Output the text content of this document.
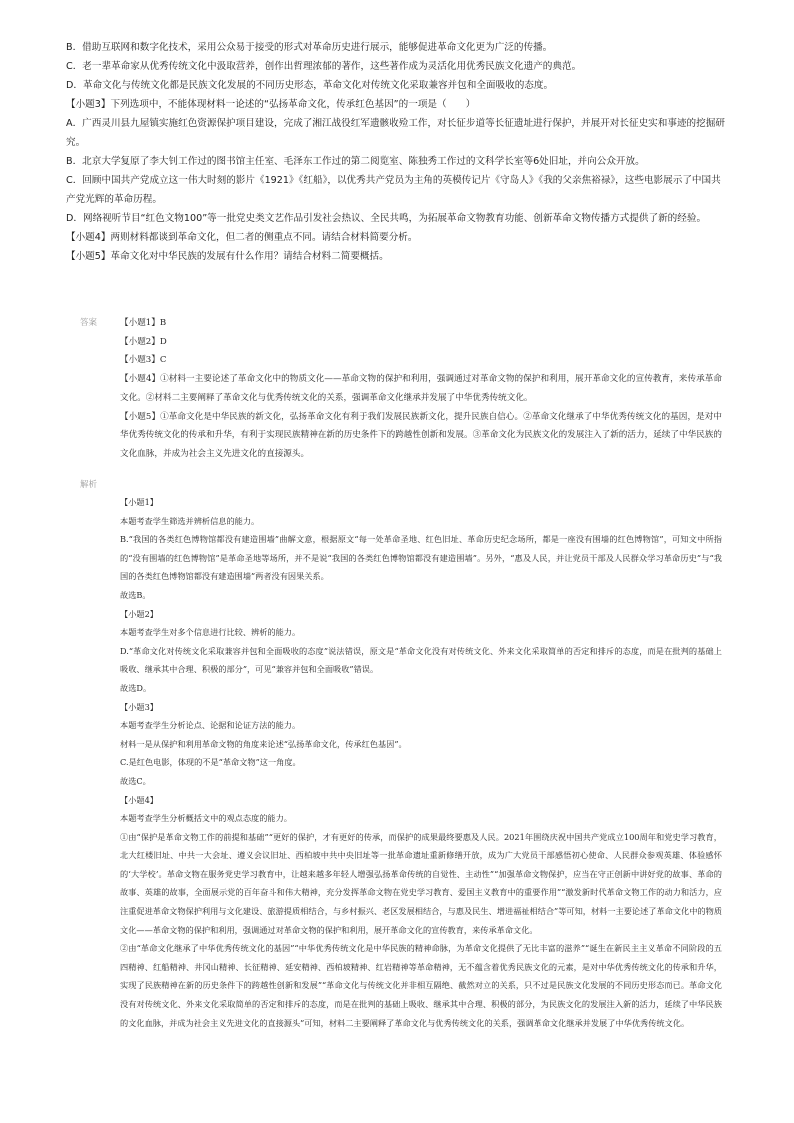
B．借助互联网和数字化技术，采用公众易于接受的形式对革命历史进行展示，能够促进革命文化更为广泛的传播。

C．老一辈革命家从优秀传统文化中汲取营养，创作出哲理浓郁的著作，这些著作成为灵活化用优秀民族文化遗产的典范。

D．革命文化与传统文化都是民族文化发展的不同历史形态，革命文化对传统文化采取兼容并包和全面吸收的态度。

【小题3】下列选项中，不能体现材料一论述的“弘扬革命文化，传承红色基因”的一项是（　　）

A．广西灵川县九屋镇实施红色资源保护项目建设，完成了湘江战役红军遗骸收殓工作，对长征步道等长征遗址进行保护，并展开对长征史实和事迹的挖掘研究。

B．北京大学复原了李大钊工作过的图书馆主任室、毛泽东工作过的第二阅览室、陈独秀工作过的文科学长室等6处旧址，并向公众开放。

C．回顾中国共产党成立这一伟大时刻的影片《1921》《红船》，以优秀共产党员为主角的英模传记片《守岛人》《我的父亲焦裕禄》，这些电影展示了中国共产党光辉的革命历程。

D．网络视听节目“红色文物100”等一批党史类文艺作品引发社会热议、全民共鸣，为拓展革命文物教育功能、创新革命文物传播方式提供了新的经验。

【小题4】两则材料都谈到革命文化，但二者的侧重点不同。请结合材料简要分析。

【小题5】革命文化对中华民族的发展有什么作用？请结合材料二简要概括。

答案	【小题1】B

【小题2】D

【小题3】C

【小题4】①材料一主要论述了革命文化中的物质文化——革命文物的保护和利用，强调通过对革命文物的保护和利用，展开革命文化的宣传教育，来传承革命文化。②材料二主要阐释了革命文化与优秀传统文化的关系，强调革命文化继承并发展了中华优秀传统文化。

【小题5】①革命文化是中华民族的新文化，弘扬革命文化有利于我们发展民族新文化，提升民族自信心。②革命文化继承了中华优秀传统文化的基因，是对中华优秀传统文化的传承和升华，有利于实现民族精神在新的历史条件下的跨越性创新和发展。③革命文化为民族文化的发展注入了新的活力，延续了中华民族的文化血脉，并成为社会主义先进文化的直接源头。

解析

【小题1】

本题考查学生筛选并辨析信息的能力。

B.“我国的各类红色博物馆都没有建造围墙”曲解文意，根据原文“每一处革命圣地、红色旧址、革命历史纪念场所，都是一座没有围墙的红色博物馆”，可知文中所指的“没有围墙的红色博物馆”是革命圣地等场所，并不是说“我国的各类红色博物馆都没有建造围墙”。另外，“惠及人民，并让党员干部及人民群众学习革命历史”与“我国的各类红色博物馆都没有建造围墙”两者没有因果关系。

故选B。

【小题2】

本题考查学生对多个信息进行比较、辨析的能力。

D.“革命文化对传统文化采取兼容并包和全面吸收的态度”说法错误，原文是“革命文化没有对传统文化、外来文化采取简单的否定和排斥的态度，而是在批判的基础上吸收、继承其中合理、积极的部分”，可见“兼容并包和全面吸收”错误。

故选D。

【小题3】

本题考查学生分析论点、论据和论证方法的能力。

材料一是从保护和利用革命文物的角度来论述“弘扬革命文化，传承红色基因”。

C.是红色电影，体现的不是“革命文物”这一角度。

故选C。

【小题4】

本题考查学生分析概括文中的观点态度的能力。

①由“保护是革命文物工作的前提和基础”“更好的保护，才有更好的传承，而保护的成果最终要惠及人民。2021年围绕庆祝中国共产党成立100周年和党史学习教育，北大红楼旧址、中共一大会址、遵义会议旧址、西柏坡中共中央旧址等一批革命遗址重新修缮开放，成为广大党员干部感悟初心使命、人民群众参观英雄、体验感怀的‘大学校’。革命文物在服务党史学习教育中，让越来越多年轻人增强弘扬革命传统的自觉性、主动性”“加强革命文物保护，应当在守正创新中讲好党的故事、革命的故事、英雄的故事，全面展示党的百年奋斗和伟大精神，充分发挥革命文物在党史学习教育、爱国主义教育中的重要作用”“激发新时代革命文物工作的动力和活力，应注重促进革命文物保护利用与文化建设、旅游提质相结合，与乡村振兴、老区发展相结合，与惠及民生、增进福祉相结合”等可知，材料一主要论述了革命文化中的物质文化——革命文物的保护和利用，强调通过对革命文物的保护和利用，展开革命文化的宣传教育，来传承革命文化。

②由“革命文化继承了中华优秀传统文化的基因”“中华优秀传统文化是中华民族的精神命脉，为革命文化提供了无比丰富的滋养”“诞生在新民主主义革命不同阶段的五四精神、红船精神、井冈山精神、长征精神、延安精神、西柏坡精神、红岩精神等革命精神，无不蕴含着优秀民族文化的元素，是对中华优秀传统文化的传承和升华，实现了民族精神在新的历史条件下的跨越性创新和发展”“革命文化与传统文化并非相互隔绝、截然对立的关系，只不过是民族文化发展的不同历史形态而已。革命文化没有对传统文化、外来文化采取简单的否定和排斥的态度，而是在批判的基础上吸收、继承其中合理、积极的部分，为民族文化的发展注入新的活力，延续了中华民族的文化血脉，并成为社会主义先进文化的直接源头”可知，材料二主要阐释了革命文化与优秀传统文化的关系，强调革命文化继承并发展了中华优秀传统文化。
